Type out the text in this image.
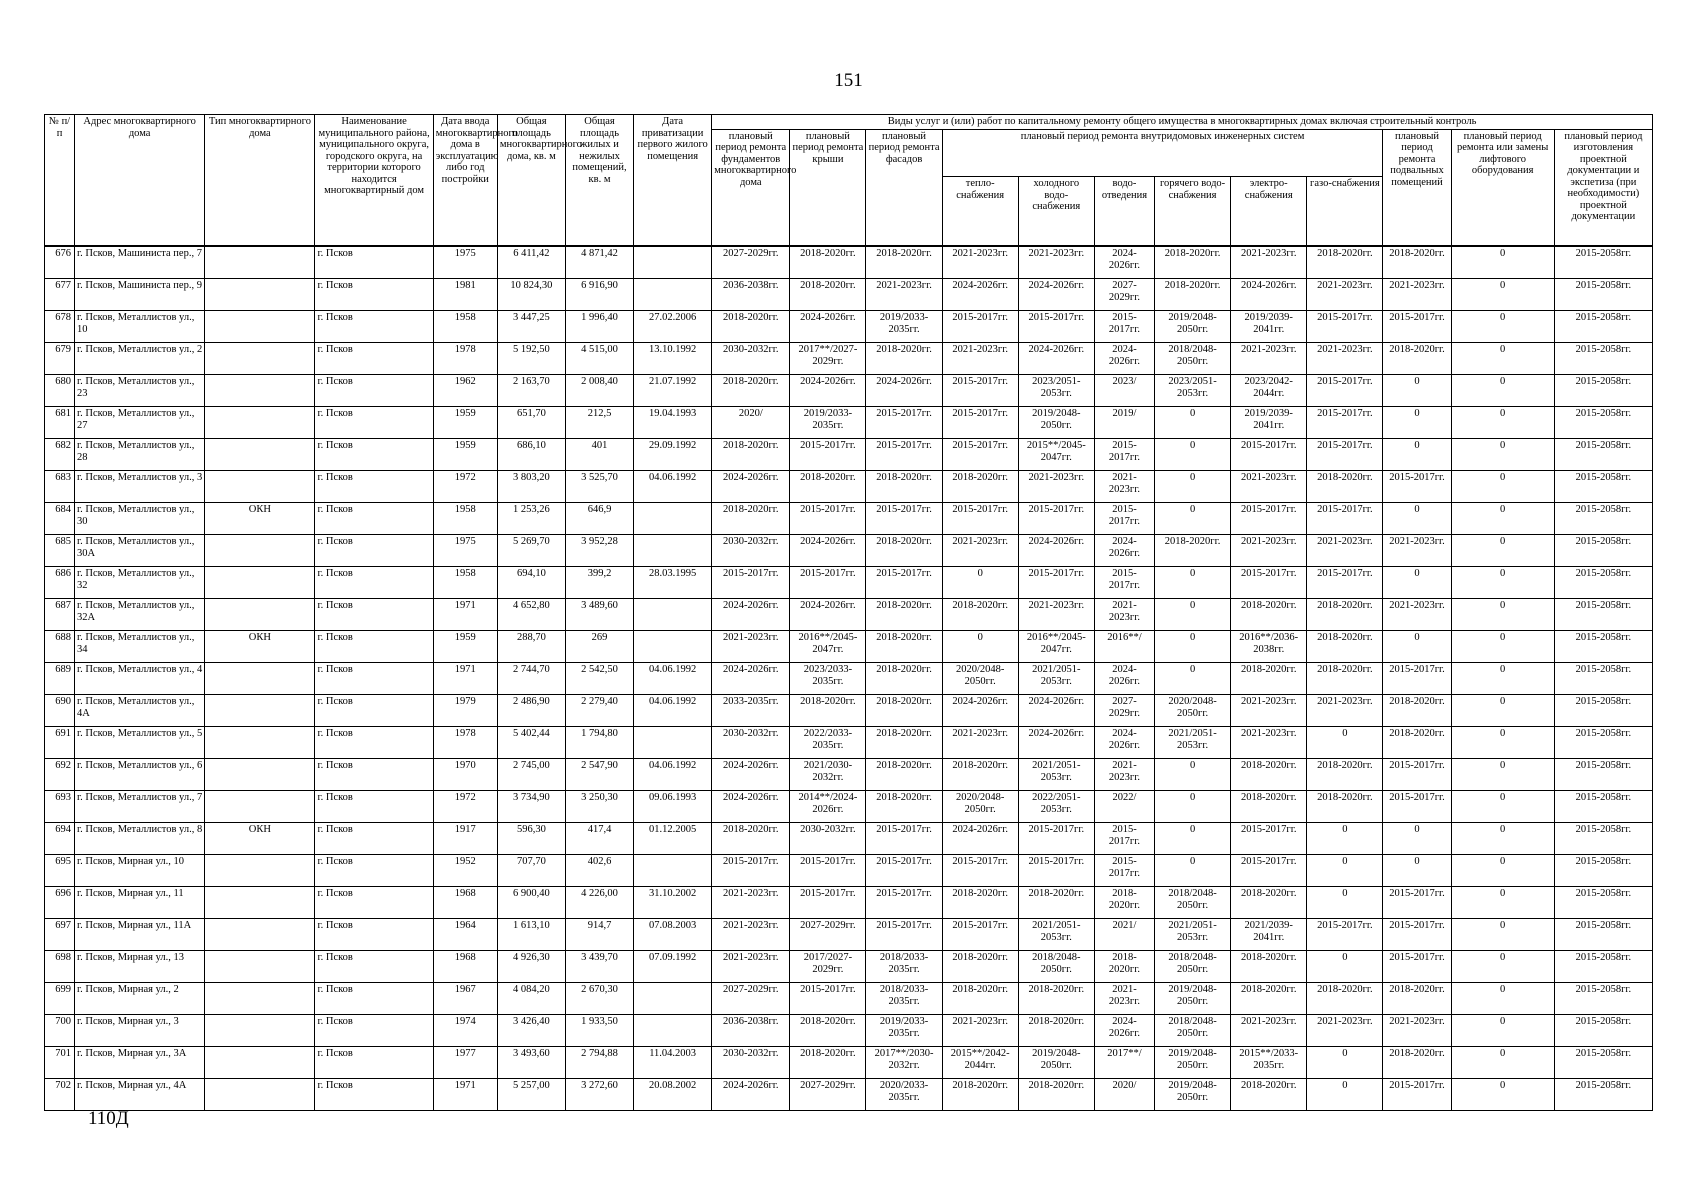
151
№ п/п	Адрес многоквартирного дома	Тип многоквартирного дома	Наименование муниципального района, муниципального округа, городского округа, на территории которого находится многоквартирный дом	Дата ввода многоквартирного дома в эксплуатацию либо год постройки	Общая площадь многоквартирного дома, кв. м	Общая площадь жилых и нежилых помещений, кв. м	Дата приватизации первого жилого помещения	Виды услуг и (или) работ по капитальному ремонту общего имущества в многоквартирных домах включая строительный контроль											
								плановый период ремонта фундаментов многоквартирного дома	плановый период ремонта крыши	плановый период ремонта фасадов	плановый период ремонта внутридомовых инженерных систем						плановый период ремонта подвальных помещений	плановый период ремонта или замены лифтового оборудования	плановый период изготовления проектной документации и экспетиза (при необходимости) проектной документации
											тепло-снабжения	холодного водо-снабжения	водо-отведения	горячего водо-снабжения	электро-снабжения	газо-снабжения			
676	г. Псков, Машиниста пер., 7		г. Псков	1975	6 411,42	4 871,42		2027-2029гг.	2018-2020гг.	2018-2020гг.	2021-2023гг.	2021-2023гг.	2024-2026гг.	2018-2020гг.	2021-2023гг.	2018-2020гг.	2018-2020гг.	0	2015-2058гг.
677	г. Псков, Машиниста пер., 9		г. Псков	1981	10 824,30	6 916,90		2036-2038гг.	2018-2020гг.	2021-2023гг.	2024-2026гг.	2024-2026гг.	2027-2029гг.	2018-2020гг.	2024-2026гг.	2021-2023гг.	2021-2023гг.	0	2015-2058гг.
678	г. Псков, Металлистов ул., 10		г. Псков	1958	3 447,25	1 996,40	27.02.2006	2018-2020гг.	2024-2026гг.	2019/2033-2035гг.	2015-2017гг.	2015-2017гг.	2015-2017гг.	2019/2048-2050гг.	2019/2039-2041гг.	2015-2017гг.	2015-2017гг.	0	2015-2058гг.
679	г. Псков, Металлистов ул., 2		г. Псков	1978	5 192,50	4 515,00	13.10.1992	2030-2032гг.	2017**/2027-2029гг.	2018-2020гг.	2021-2023гг.	2024-2026гг.	2024-2026гг.	2018/2048-2050гг.	2021-2023гг.	2021-2023гг.	2018-2020гг.	0	2015-2058гг.
680	г. Псков, Металлистов ул., 23		г. Псков	1962	2 163,70	2 008,40	21.07.1992	2018-2020гг.	2024-2026гг.	2024-2026гг.	2015-2017гг.	2023/2051-2053гг.	2023/	2023/2051-2053гг.	2023/2042-2044гг.	2015-2017гг.	0	0	2015-2058гг.
681	г. Псков, Металлистов ул., 27		г. Псков	1959	651,70	212,5	19.04.1993	2020/	2019/2033-2035гг.	2015-2017гг.	2015-2017гг.	2019/2048-2050гг.	2019/	0	2019/2039-2041гг.	2015-2017гг.	0	0	2015-2058гг.
682	г. Псков, Металлистов ул., 28		г. Псков	1959	686,10	401	29.09.1992	2018-2020гг.	2015-2017гг.	2015-2017гг.	2015-2017гг.	2015**/2045-2047гг.	2015-2017гг.	0	2015-2017гг.	2015-2017гг.	0	0	2015-2058гг.
683	г. Псков, Металлистов ул., 3		г. Псков	1972	3 803,20	3 525,70	04.06.1992	2024-2026гг.	2018-2020гг.	2018-2020гг.	2018-2020гг.	2021-2023гг.	2021-2023гг.	0	2021-2023гг.	2018-2020гг.	2015-2017гг.	0	2015-2058гг.
684	г. Псков, Металлистов ул., 30	ОКН	г. Псков	1958	1 253,26	646,9		2018-2020гг.	2015-2017гг.	2015-2017гг.	2015-2017гг.	2015-2017гг.	2015-2017гг.	0	2015-2017гг.	2015-2017гг.	0	0	2015-2058гг.
685	г. Псков, Металлистов ул., 30А		г. Псков	1975	5 269,70	3 952,28		2030-2032гг.	2024-2026гг.	2018-2020гг.	2021-2023гг.	2024-2026гг.	2024-2026гг.	2018-2020гг.	2021-2023гг.	2021-2023гг.	2021-2023гг.	0	2015-2058гг.
686	г. Псков, Металлистов ул., 32		г. Псков	1958	694,10	399,2	28.03.1995	2015-2017гг.	2015-2017гг.	2015-2017гг.	0	2015-2017гг.	2015-2017гг.	0	2015-2017гг.	2015-2017гг.	0	0	2015-2058гг.
687	г. Псков, Металлистов ул., 32А		г. Псков	1971	4 652,80	3 489,60		2024-2026гг.	2024-2026гг.	2018-2020гг.	2018-2020гг.	2021-2023гг.	2021-2023гг.	0	2018-2020гг.	2018-2020гг.	2021-2023гг.	0	2015-2058гг.
688	г. Псков, Металлистов ул., 34	ОКН	г. Псков	1959	288,70	269		2021-2023гг.	2016**/2045-2047гг.	2018-2020гг.	0	2016**/2045-2047гг.	2016**/	0	2016**/2036-2038гг.	2018-2020гг.	0	0	2015-2058гг.
689	г. Псков, Металлистов ул., 4		г. Псков	1971	2 744,70	2 542,50	04.06.1992	2024-2026гг.	2023/2033-2035гг.	2018-2020гг.	2020/2048-2050гг.	2021/2051-2053гг.	2024-2026гг.	0	2018-2020гг.	2018-2020гг.	2015-2017гг.	0	2015-2058гг.
690	г. Псков, Металлистов ул., 4А		г. Псков	1979	2 486,90	2 279,40	04.06.1992	2033-2035гг.	2018-2020гг.	2018-2020гг.	2024-2026гг.	2024-2026гг.	2027-2029гг.	2020/2048-2050гг.	2021-2023гг.	2021-2023гг.	2018-2020гг.	0	2015-2058гг.
691	г. Псков, Металлистов ул., 5		г. Псков	1978	5 402,44	1 794,80		2030-2032гг.	2022/2033-2035гг.	2018-2020гг.	2021-2023гг.	2024-2026гг.	2024-2026гг.	2021/2051-2053гг.	2021-2023гг.	0	2018-2020гг.	0	2015-2058гг.
692	г. Псков, Металлистов ул., 6		г. Псков	1970	2 745,00	2 547,90	04.06.1992	2024-2026гг.	2021/2030-2032гг.	2018-2020гг.	2018-2020гг.	2021/2051-2053гг.	2021-2023гг.	0	2018-2020гг.	2018-2020гг.	2015-2017гг.	0	2015-2058гг.
693	г. Псков, Металлистов ул., 7		г. Псков	1972	3 734,90	3 250,30	09.06.1993	2024-2026гг.	2014**/2024-2026гг.	2018-2020гг.	2020/2048-2050гг.	2022/2051-2053гг.	2022/	0	2018-2020гг.	2018-2020гг.	2015-2017гг.	0	2015-2058гг.
694	г. Псков, Металлистов ул., 8	ОКН	г. Псков	1917	596,30	417,4	01.12.2005	2018-2020гг.	2030-2032гг.	2015-2017гг.	2024-2026гг.	2015-2017гг.	2015-2017гг.	0	2015-2017гг.	0	0	0	2015-2058гг.
695	г. Псков, Мирная ул., 10		г. Псков	1952	707,70	402,6		2015-2017гг.	2015-2017гг.	2015-2017гг.	2015-2017гг.	2015-2017гг.	2015-2017гг.	0	2015-2017гг.	0	0	0	2015-2058гг.
696	г. Псков, Мирная ул., 11		г. Псков	1968	6 900,40	4 226,00	31.10.2002	2021-2023гг.	2015-2017гг.	2015-2017гг.	2018-2020гг.	2018-2020гг.	2018-2020гг.	2018/2048-2050гг.	2018-2020гг.	0	2015-2017гг.	0	2015-2058гг.
697	г. Псков, Мирная ул., 11А		г. Псков	1964	1 613,10	914,7	07.08.2003	2021-2023гг.	2027-2029гг.	2015-2017гг.	2015-2017гг.	2021/2051-2053гг.	2021/	2021/2051-2053гг.	2021/2039-2041гг.	2015-2017гг.	2015-2017гг.	0	2015-2058гг.
698	г. Псков, Мирная ул., 13		г. Псков	1968	4 926,30	3 439,70	07.09.1992	2021-2023гг.	2017/2027-2029гг.	2018/2033-2035гг.	2018-2020гг.	2018/2048-2050гг.	2018-2020гг.	2018/2048-2050гг.	2018-2020гг.	0	2015-2017гг.	0	2015-2058гг.
699	г. Псков, Мирная ул., 2		г. Псков	1967	4 084,20	2 670,30		2027-2029гг.	2015-2017гг.	2018/2033-2035гг.	2018-2020гг.	2018-2020гг.	2021-2023гг.	2019/2048-2050гг.	2018-2020гг.	2018-2020гг.	2018-2020гг.	0	2015-2058гг.
700	г. Псков, Мирная ул., 3		г. Псков	1974	3 426,40	1 933,50		2036-2038гг.	2018-2020гг.	2019/2033-2035гг.	2021-2023гг.	2018-2020гг.	2024-2026гг.	2018/2048-2050гг.	2021-2023гг.	2021-2023гг.	2021-2023гг.	0	2015-2058гг.
701	г. Псков, Мирная ул., 3А		г. Псков	1977	3 493,60	2 794,88	11.04.2003	2030-2032гг.	2018-2020гг.	2017**/2030-2032гг.	2015**/2042-2044гг.	2019/2048-2050гг.	2017**/	2019/2048-2050гг.	2015**/2033-2035гг.	0	2018-2020гг.	0	2015-2058гг.
702	г. Псков, Мирная ул., 4А		г. Псков	1971	5 257,00	3 272,60	20.08.2002	2024-2026гг.	2027-2029гг.	2020/2033-2035гг.	2018-2020гг.	2018-2020гг.	2020/	2019/2048-2050гг.	2018-2020гг.	0	2015-2017гг.	0	2015-2058гг.
110Д
